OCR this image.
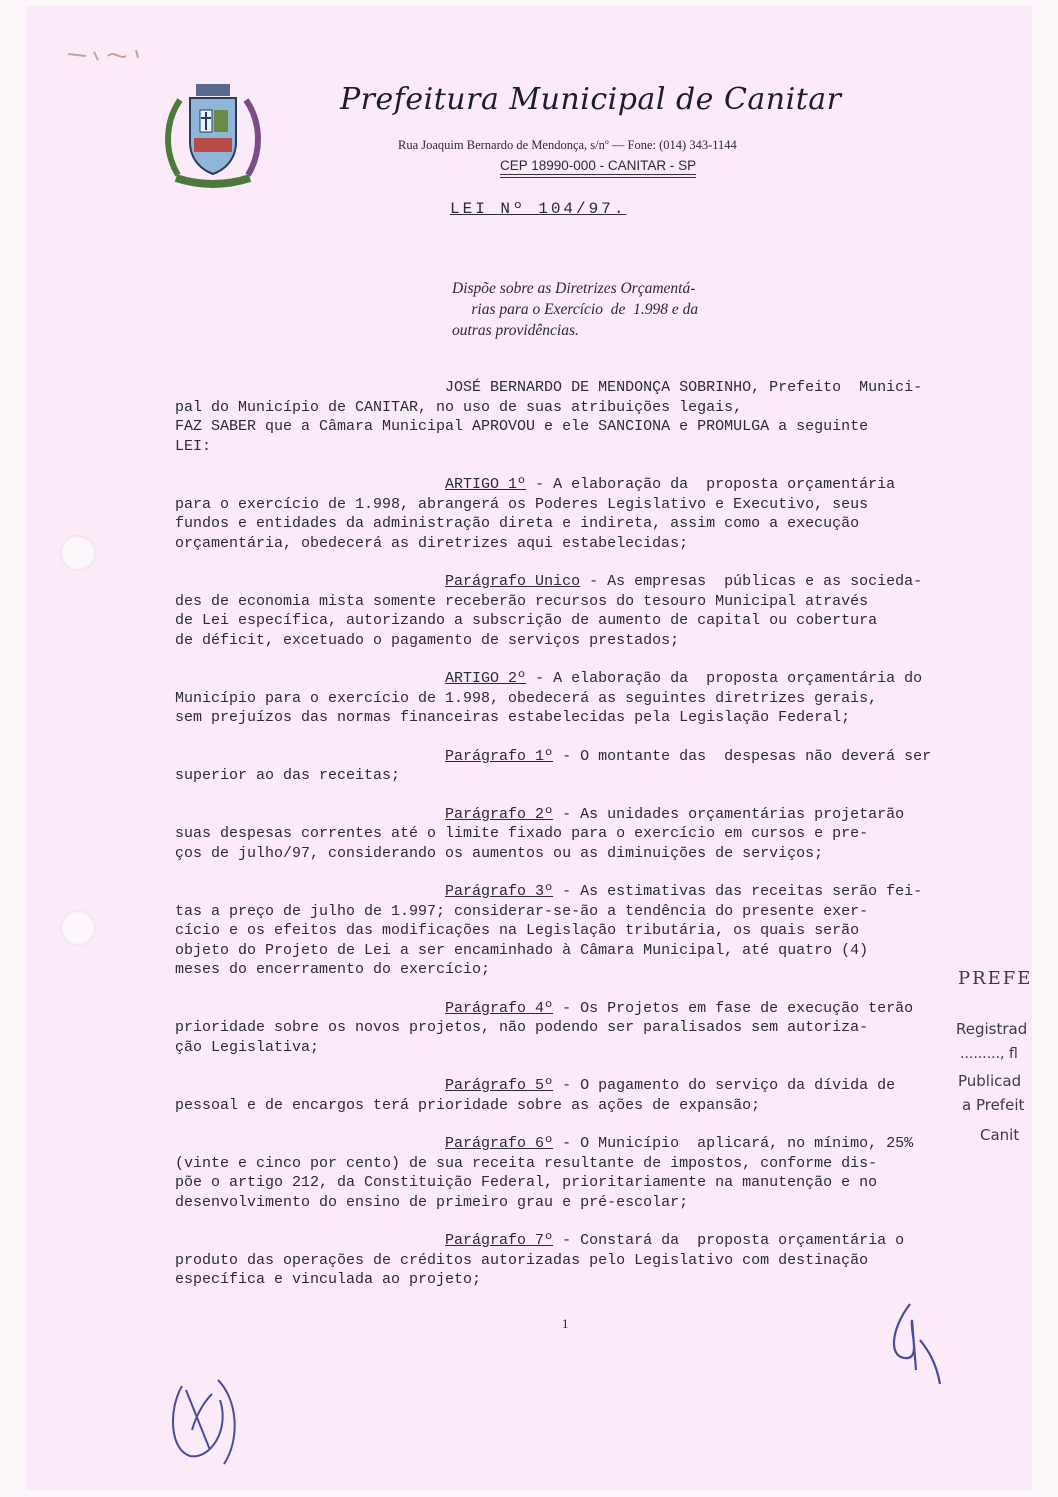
Prefeitura Municipal de Canitar
Rua Joaquim Bernardo de Mendonça, s/nº — Fone: (014) 343-1144
CEP 18990-000 - CANITAR - SP
LEI Nº 104/97.
Dispõe sobre as Diretrizes Orçamentá-
rias para o Exercício  de  1.998 e da
outras providências.
JOSÉ BERNARDO DE MENDONÇA SOBRINHO, Prefeito  Munici-
pal do Município de CANITAR, no uso de suas atribuições legais,
FAZ SABER que a Câmara Municipal APROVOU e ele SANCIONA e PROMULGA a seguinte
LEI:
ARTIGO 1º - A elaboração da  proposta orçamentária
para o exercício de 1.998, abrangerá os Poderes Legislativo e Executivo, seus
fundos e entidades da administração direta e indireta, assim como a execução
orçamentária, obedecerá as diretrizes aqui estabelecidas;
Parágrafo Unico - As empresas  públicas e as socieda-
des de economia mista somente receberão recursos do tesouro Municipal através
de Lei específica, autorizando a subscrição de aumento de capital ou cobertura
de déficit, excetuado o pagamento de serviços prestados;
ARTIGO 2º - A elaboração da  proposta orçamentária do
Município para o exercício de 1.998, obedecerá as seguintes diretrizes gerais,
sem prejuízos das normas financeiras estabelecidas pela Legislação Federal;
Parágrafo 1º - O montante das  despesas não deverá ser
superior ao das receitas;
Parágrafo 2º - As unidades orçamentárias projetarão
suas despesas correntes até o limite fixado para o exercício em cursos e pre-
ços de julho/97, considerando os aumentos ou as diminuições de serviços;
Parágrafo 3º - As estimativas das receitas serão fei-
tas a preço de julho de 1.997; considerar-se-ão a tendência do presente exer-
cício e os efeitos das modificações na Legislação tributária, os quais serão
objeto do Projeto de Lei a ser encaminhado à Câmara Municipal, até quatro (4)
meses do encerramento do exercício;
Parágrafo 4º - Os Projetos em fase de execução terão
prioridade sobre os novos projetos, não podendo ser paralisados sem autoriza-
ção Legislativa;
Parágrafo 5º - O pagamento do serviço da dívida de
pessoal e de encargos terá prioridade sobre as ações de expansão;
Parágrafo 6º - O Município  aplicará, no mínimo, 25%
(vinte e cinco por cento) de sua receita resultante de impostos, conforme dis-
põe o artigo 212, da Constituição Federal, prioritariamente na manutenção e no
desenvolvimento do ensino de primeiro grau e pré-escolar;
Parágrafo 7º - Constará da  proposta orçamentária o
produto das operações de créditos autorizadas pelo Legislativo com destinação
específica e vinculada ao projeto;
1
PREFE
Registrad
........., fl
Publicad
a Prefeit
Canit
